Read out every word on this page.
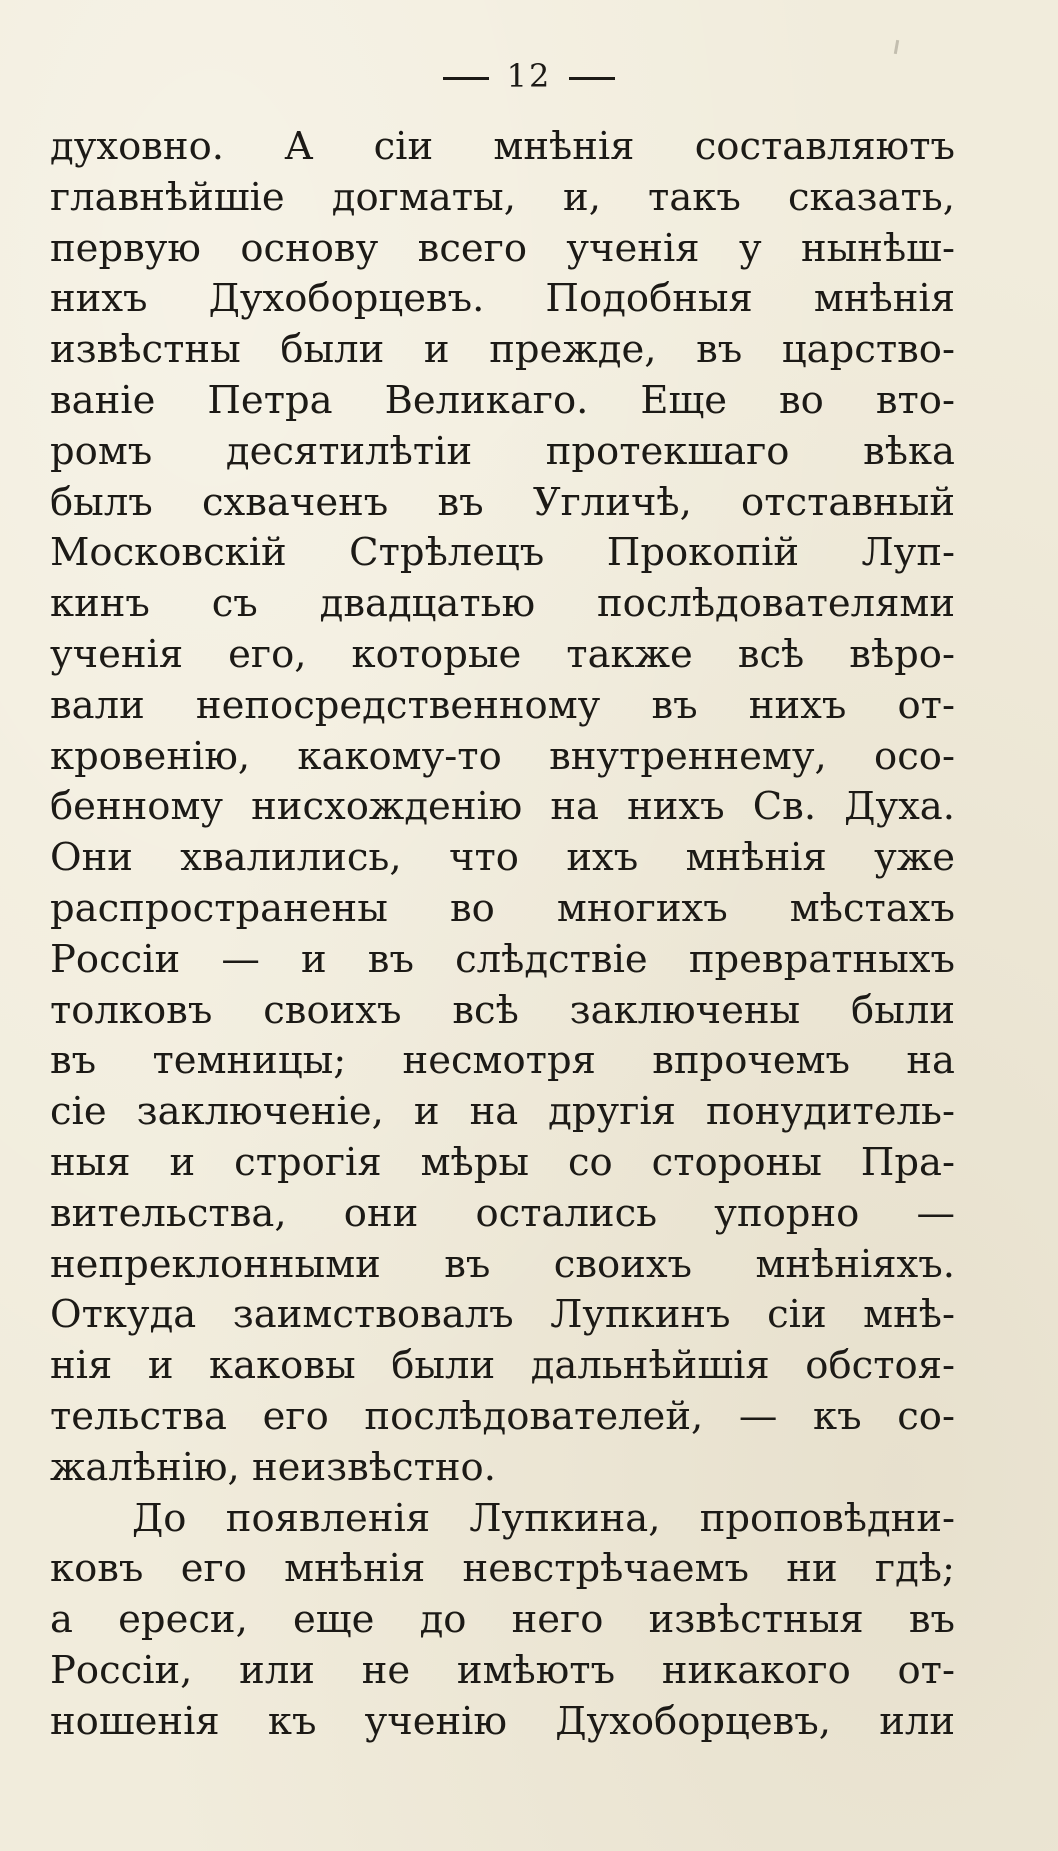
12
духовно. А сіи мнѣнія составляютъ
главнѣйшіе догматы, и, такъ сказать,
первую основу всего ученія у нынѣш-
нихъ Духоборцевъ. Подобныя мнѣнія
извѣстны были и прежде, въ царство-
ваніе Петра Великаго. Еще во вто-
ромъ десятилѣтіи протекшаго вѣка
былъ схваченъ въ Угличѣ, отставный
Московскій Стрѣлецъ Прокопій Луп-
кинъ съ двадцатью послѣдователями
ученія его, которые также всѣ вѣро-
вали непосредственному въ нихъ от-
кровенію, какому-то внутреннему, осо-
бенному нисхожденію на нихъ Св. Духа.
Они хвалились, что ихъ мнѣнія уже
распространены во многихъ мѣстахъ
Россіи — и въ слѣдствіе превратныхъ
толковъ своихъ всѣ заключены были
въ темницы; несмотря впрочемъ на
сіе заключеніе, и на другія понудитель-
ныя и строгія мѣры со стороны Пра-
вительства, они остались упорно —
непреклонными въ своихъ мнѣніяхъ.
Откуда заимствовалъ Лупкинъ сіи мнѣ-
нія и каковы были дальнѣйшія обстоя-
тельства его послѣдователей, — къ со-
жалѣнію, неизвѣстно.
До появленія Лупкина, проповѣдни-
ковъ его мнѣнія невстрѣчаемъ ни гдѣ;
а ереси, еще до него извѣстныя въ
Россіи, или не имѣютъ никакого от-
ношенія къ ученію Духоборцевъ, или
